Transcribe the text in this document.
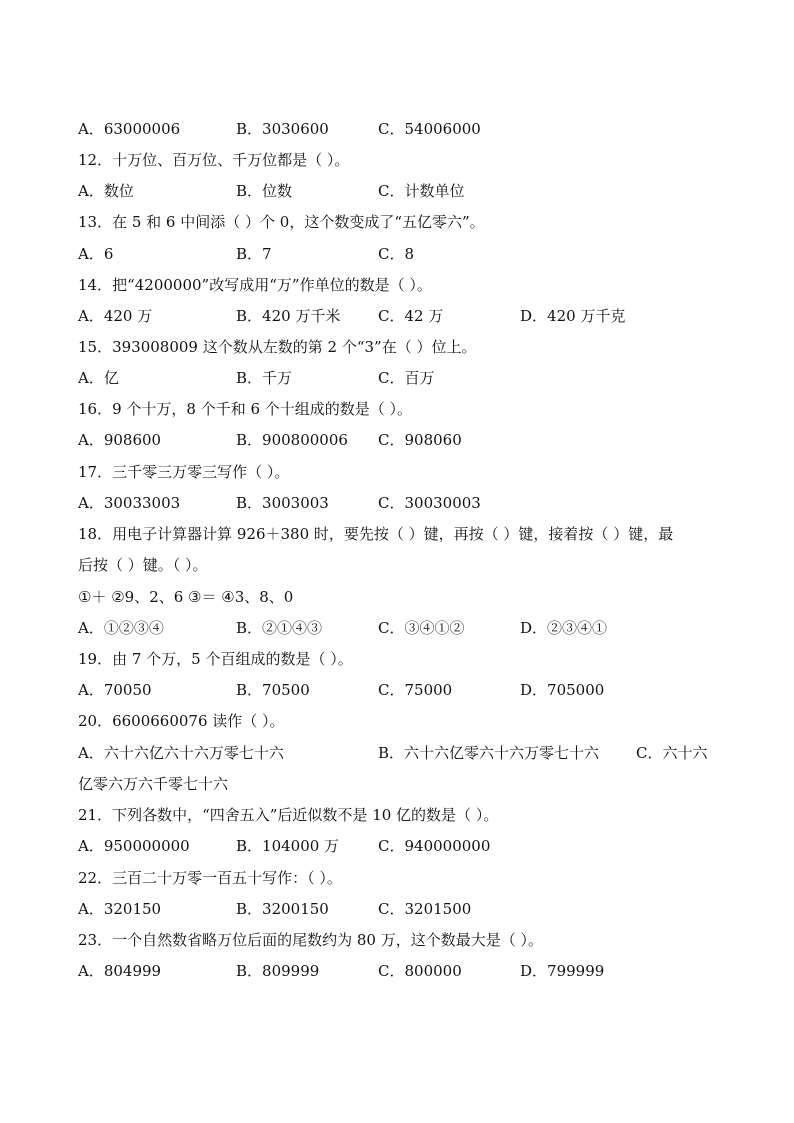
A．63000006	B．3030600	C．54006000
12．十万位、百万位、千万位都是（ ）。
A．数位	B．位数	C．计数单位
13．在 5 和 6 中间添（ ）个 0，这个数变成了“五亿零六”。
A．6	B．7	C．8
14．把“4200000”改写成用“万”作单位的数是（ ）。
A．420 万	B．420 万千米	C．42 万	D．420 万千克
15．393008009 这个数从左数的第 2 个“3”在（ ）位上。
A．亿	B．千万	C．百万
16．9 个十万，8 个千和 6 个十组成的数是（ ）。
A．908600	B．900800006 C．908060
17．三千零三万零三写作（ ）。
A．30033003	B．3003003	C．30030003
18．用电子计算器计算 926＋380 时，要先按（ ）键，再按（ ）键，接着按（ ）键，最
后按（ ）键。（ ）。
①＋ ②9、2、6 ③＝ ④3、8、0
A．①②③④	B．②①④③	C．③④①②	D．②③④①
19．由 7 个万，5 个百组成的数是（ ）。
A．70050	B．70500	C．75000	D．705000
20．6600660076 读作（ ）。
A．六十六亿六十六万零七十六	B．六十六亿零六十六万零七十六 C．六十六
亿零六万六千零七十六
21．下列各数中，“四舍五入”后近似数不是 10 亿的数是（ ）。
A．950000000	B．104000 万	C．940000000
22．三百二十万零一百五十写作：（ ）。
A．320150	B．3200150	C．3201500
23．一个自然数省略万位后面的尾数约为 80 万，这个数最大是（ ）。
A．804999	B．809999	C．800000	D．799999
